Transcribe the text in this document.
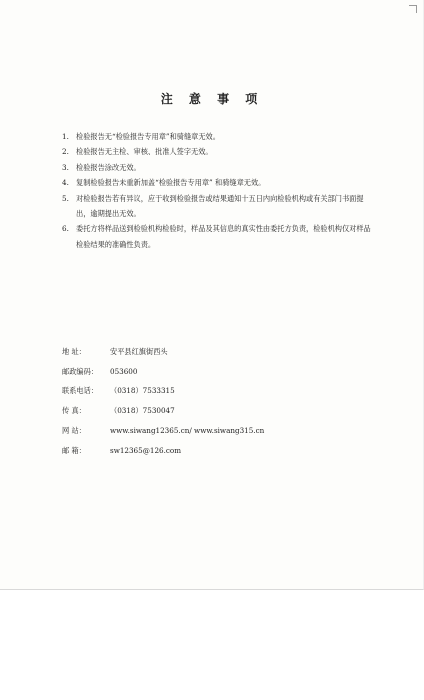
注 意 事 项
1. 检验报告无“检验报告专用章”和骑缝章无效。
2. 检验报告无主检、审核、批准人签字无效。
3. 检验报告涂改无效。
4. 复制检验报告未重新加盖“检验报告专用章” 和骑缝章无效。
5. 对检验报告若有异议，应于收到检验报告或结果通知十五日内向检验机构或有关部门书面提出，逾期提出无效。
6. 委托方将样品送到检验机构检验时，样品及其信息的真实性由委托方负责，检验机构仅对样品检验结果的准确性负责。
地 址：	安平县红旗街西头
邮政编码：	053600
联系电话：	（0318）7533315
传 真：	（0318）7530047
网 站：	www.siwang12365.cn/ www.siwang315.cn
邮 箱：	sw12365@126.com
